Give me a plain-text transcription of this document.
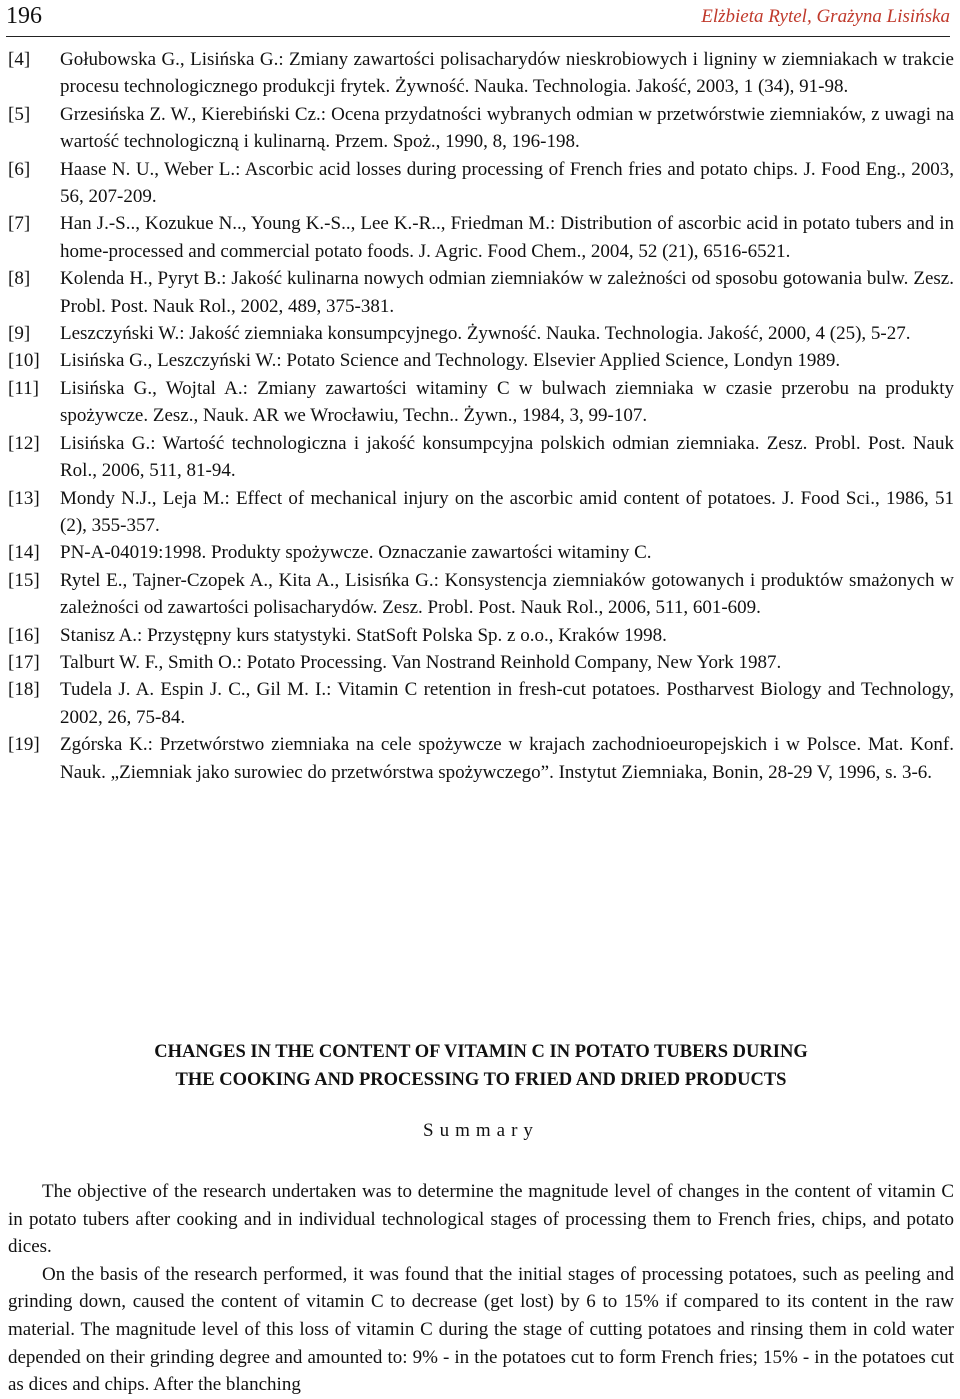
196	Elżbieta Rytel, Grażyna Lisińska
[4] Gołubowska G., Lisińska G.: Zmiany zawartości polisacharydów nieskrobiowych i ligniny w ziemniakach w trakcie procesu technologicznego produkcji frytek. Żywność. Nauka. Technologia. Jakość, 2003, 1 (34), 91-98.
[5] Grzesińska Z. W., Kierebiński Cz.: Ocena przydatności wybranych odmian w przetwórstwie ziemniaków, z uwagi na wartość technologiczną i kulinarną. Przem. Spoż., 1990, 8, 196-198.
[6] Haase N. U., Weber L.: Ascorbic acid losses during processing of French fries and potato chips. J. Food Eng., 2003, 56, 207-209.
[7] Han J.-S.., Kozukue N.., Young K.-S.., Lee K.-R.., Friedman M.: Distribution of ascorbic acid in potato tubers and in home-processed and commercial potato foods. J. Agric. Food Chem., 2004, 52 (21), 6516-6521.
[8] Kolenda H., Pyryt B.: Jakość kulinarna nowych odmian ziemniaków w zależności od sposobu gotowania bulw. Zesz. Probl. Post. Nauk Rol., 2002, 489, 375-381.
[9] Leszczyński W.: Jakość ziemniaka konsumpcyjnego. Żywność. Nauka. Technologia. Jakość, 2000, 4 (25), 5-27.
[10] Lisińska G., Leszczyński W.: Potato Science and Technology. Elsevier Applied Science, Londyn 1989.
[11] Lisińska G., Wojtal A.: Zmiany zawartości witaminy C w bulwach ziemniaka w czasie przerobu na produkty spożywcze. Zesz., Nauk. AR we Wrocławiu, Techn.. Żywn., 1984, 3, 99-107.
[12] Lisińska G.: Wartość technologiczna i jakość konsumpcyjna polskich odmian ziemniaka. Zesz. Probl. Post. Nauk Rol., 2006, 511, 81-94.
[13] Mondy N.J., Leja M.: Effect of mechanical injury on the ascorbic amid content of potatoes. J. Food Sci., 1986, 51 (2), 355-357.
[14] PN-A-04019:1998. Produkty spożywcze. Oznaczanie zawartości witaminy C.
[15] Rytel E., Tajner-Czopek A., Kita A., Lisisńka G.: Konsystencja ziemniaków gotowanych i produktów smażonych w zależności od zawartości polisacharydów. Zesz. Probl. Post. Nauk Rol., 2006, 511, 601-609.
[16] Stanisz A.: Przystępny kurs statystyki. StatSoft Polska Sp. z o.o., Kraków 1998.
[17] Talburt W. F., Smith O.: Potato Processing. Van Nostrand Reinhold Company, New York 1987.
[18] Tudela J. A. Espin J. C., Gil M. I.: Vitamin C retention in fresh-cut potatoes. Postharvest Biology and Technology, 2002, 26, 75-84.
[19] Zgórska K.: Przetwórstwo ziemniaka na cele spożywcze w krajach zachodnioeuropejskich i w Polsce. Mat. Konf. Nauk. „Ziemniak jako surowiec do przetwórstwa spożywczego”. Instytut Ziemniaka, Bonin, 28-29 V, 1996, s. 3-6.
CHANGES IN THE CONTENT OF VITAMIN C IN POTATO TUBERS DURING
THE COOKING AND PROCESSING TO FRIED AND DRIED PRODUCTS
Summary

The objective of the research undertaken was to determine the magnitude level of changes in the content of vitamin C in potato tubers after cooking and in individual technological stages of processing them to French fries, chips, and potato dices.

On the basis of the research performed, it was found that the initial stages of processing potatoes, such as peeling and grinding down, caused the content of vitamin C to decrease (get lost) by 6 to 15% if compared to its content in the raw material. The magnitude level of this loss of vitamin C during the stage of cutting potatoes and rinsing them in cold water depended on their grinding degree and amounted to: 9% - in the potatoes cut to form French fries; 15% - in the potatoes cut as dices and chips. After the blanching
